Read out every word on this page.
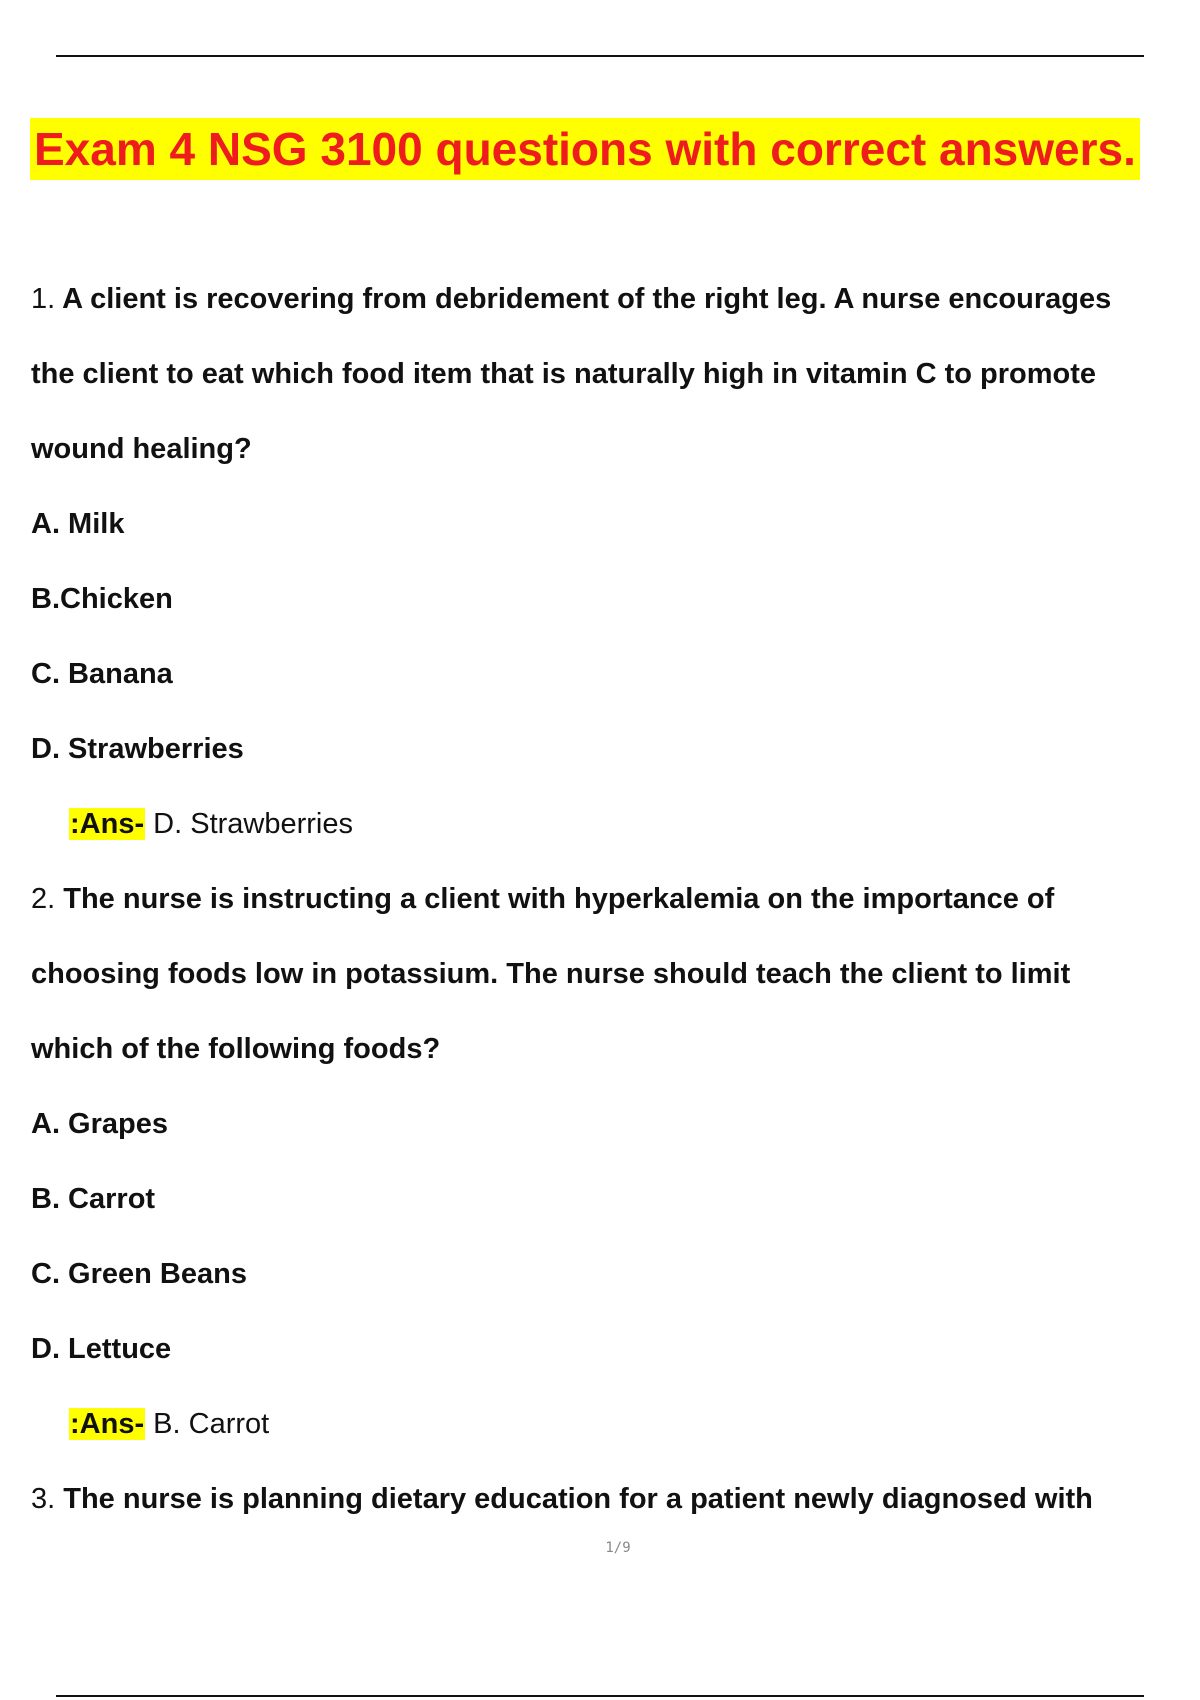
Exam 4 NSG 3100 questions with correct answers.
1. A client is recovering from debridement of the right leg. A nurse encourages
the client to eat which food item that is naturally high in vitamin C to promote
wound healing?
A. Milk
B.Chicken
C. Banana
D. Strawberries
:Ans- D. Strawberries
2. The nurse is instructing a client with hyperkalemia on the importance of
choosing foods low in potassium. The nurse should teach the client to limit
which of the following foods?
A. Grapes
B. Carrot
C. Green Beans
D. Lettuce
:Ans- B. Carrot
3. The nurse is planning dietary education for a patient newly diagnosed with
1/9
